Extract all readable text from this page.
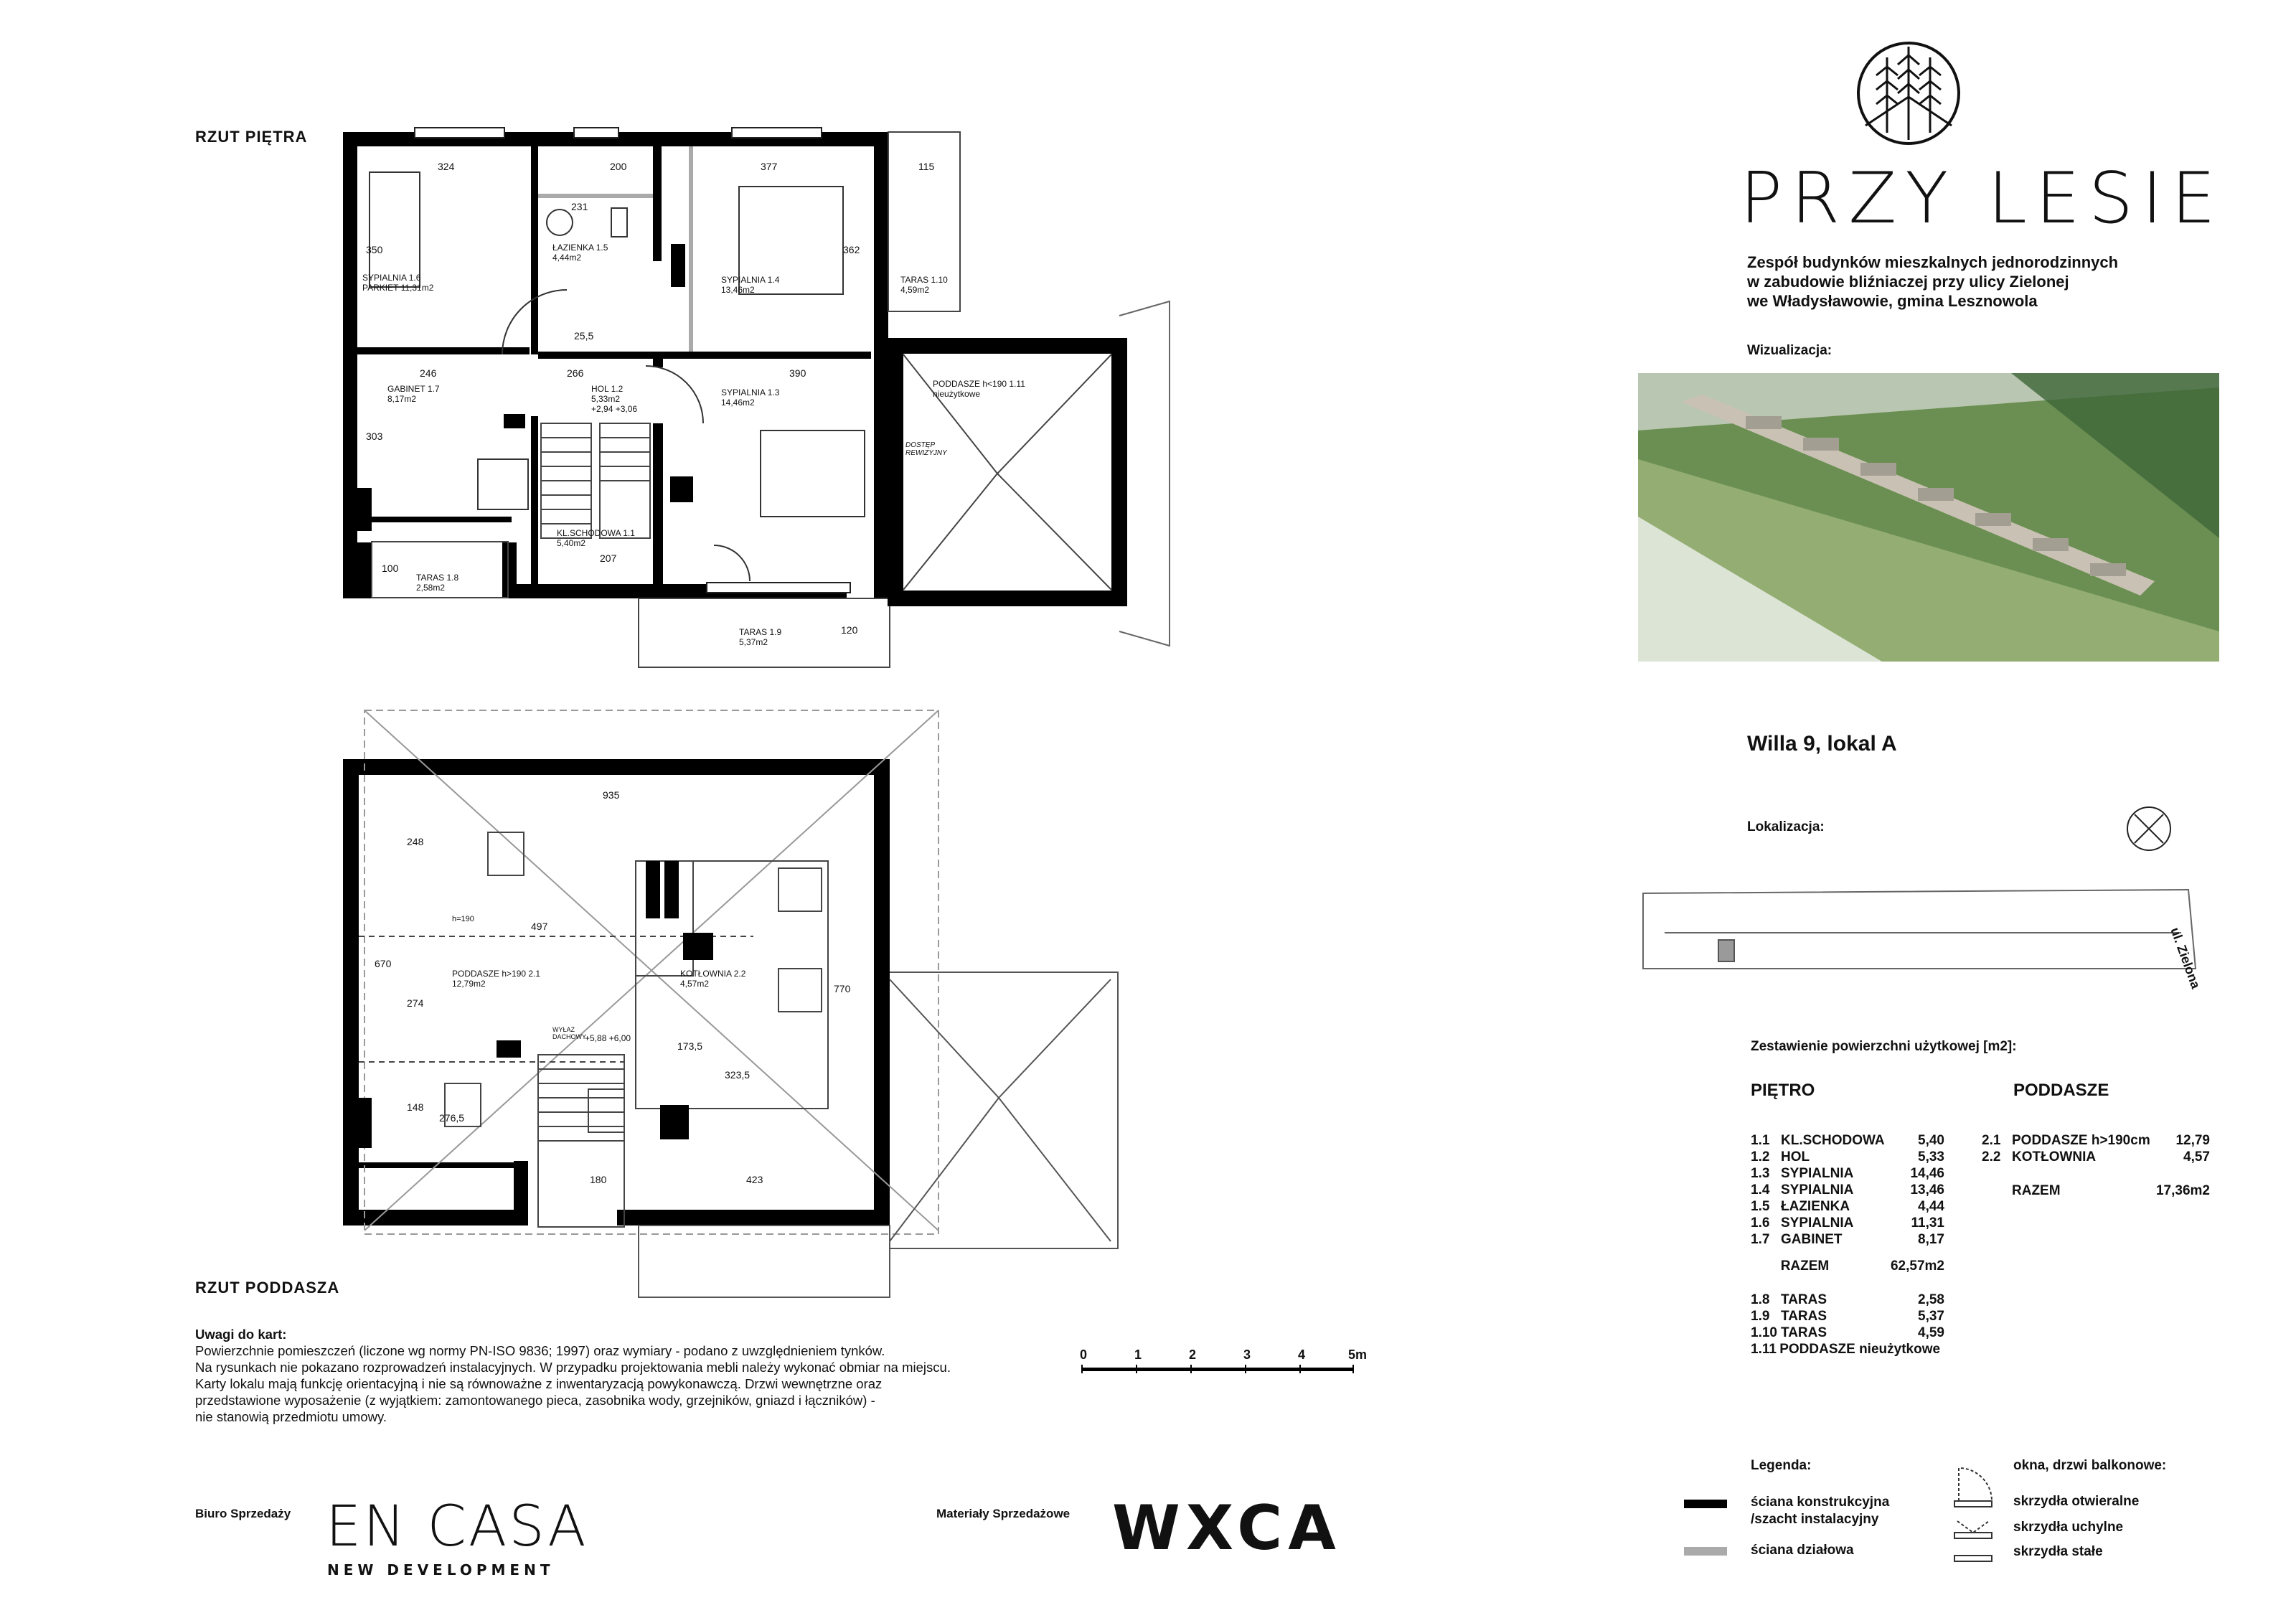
RZUT PIĘTRA
RZUT PODDASZA
SYPIALNIA 1.6
PARKIET 11,31m2
ŁAZIENKA 1.5
4,44m2
SYPIALNIA 1.4
13,46m2
TARAS 1.10
4,59m2
GABINET 1.7
8,17m2
HOL 1.2
5,33m2
+2,94 +3,06
SYPIALNIA 1.3
14,46m2
PODDASZE h<190 1.11
nieużytkowe
DOSTĘP REWIZYJNY
KL.SCHODOWA 1.1
5,40m2
TARAS 1.8
2,58m2
TARAS 1.9
5,37m2
324	200	377	115
231
350	362
246	266	390
25,5
303
207
100
120
PODDASZE h>190 2.1
12,79m2
KOTŁOWNIA 2.2
4,57m2
935
248
497
670
274
148
770
173,5
323,5
276,5
180	423
h=190
+5,88 +6,00
WYŁAZ DACHOWY
0	1	2	3	4	5m
Uwagi do kart:
Powierzchnie pomieszczeń (liczone wg normy PN-ISO 9836; 1997) oraz wymiary - podano z uwzględnieniem tynków.
Na rysunkach nie pokazano rozprowadzeń instalacyjnych. W przypadku projektowania mebli należy wykonać obmiar na miejscu.
Karty lokalu mają funkcję orientacyjną i nie są równoważne z inwentaryzacją powykonawczą. Drzwi wewnętrzne oraz
przedstawione wyposażenie (z wyjątkiem: zamontowanego pieca, zasobnika wody, grzejników, gniazd i łączników) -
nie stanowią przedmiotu umowy.
Biuro Sprzedaży EN CASA
NEW DEVELOPMENT
Materiały Sprzedażowe WXCA
PRZY LESIE
Zespół budynków mieszkalnych jednorodzinnych
w zabudowie bliźniaczej przy ulicy Zielonej
we Władysławowie, gmina Lesznowola
Wizualizacja:
Willa 9, lokal A
Lokalizacja:
ul. Zielona
Zestawienie powierzchni użytkowej [m2]:
PIĘTRO	PODDASZE
1.1 KL.SCHODOWA	5,40
1.2 HOL	5,33
1.3 SYPIALNIA	14,46
1.4 SYPIALNIA	13,46
1.5 ŁAZIENKA	4,44
1.6 SYPIALNIA	11,31
1.7 GABINET	8,17
RAZEM	62,57m2
1.8 TARAS	2,58
1.9 TARAS	5,37
1.10 TARAS	4,59
1.11 PODDASZE nieużytkowe
2.1 PODDASZE h>190cm	12,79
2.2 KOTŁOWNIA	4,57
RAZEM	17,36m2
Legenda:
ściana konstrukcyjna
/szacht instalacyjny
ściana działowa
okna, drzwi balkonowe:
skrzydła otwieralne
skrzydła uchylne
skrzydła stałe
